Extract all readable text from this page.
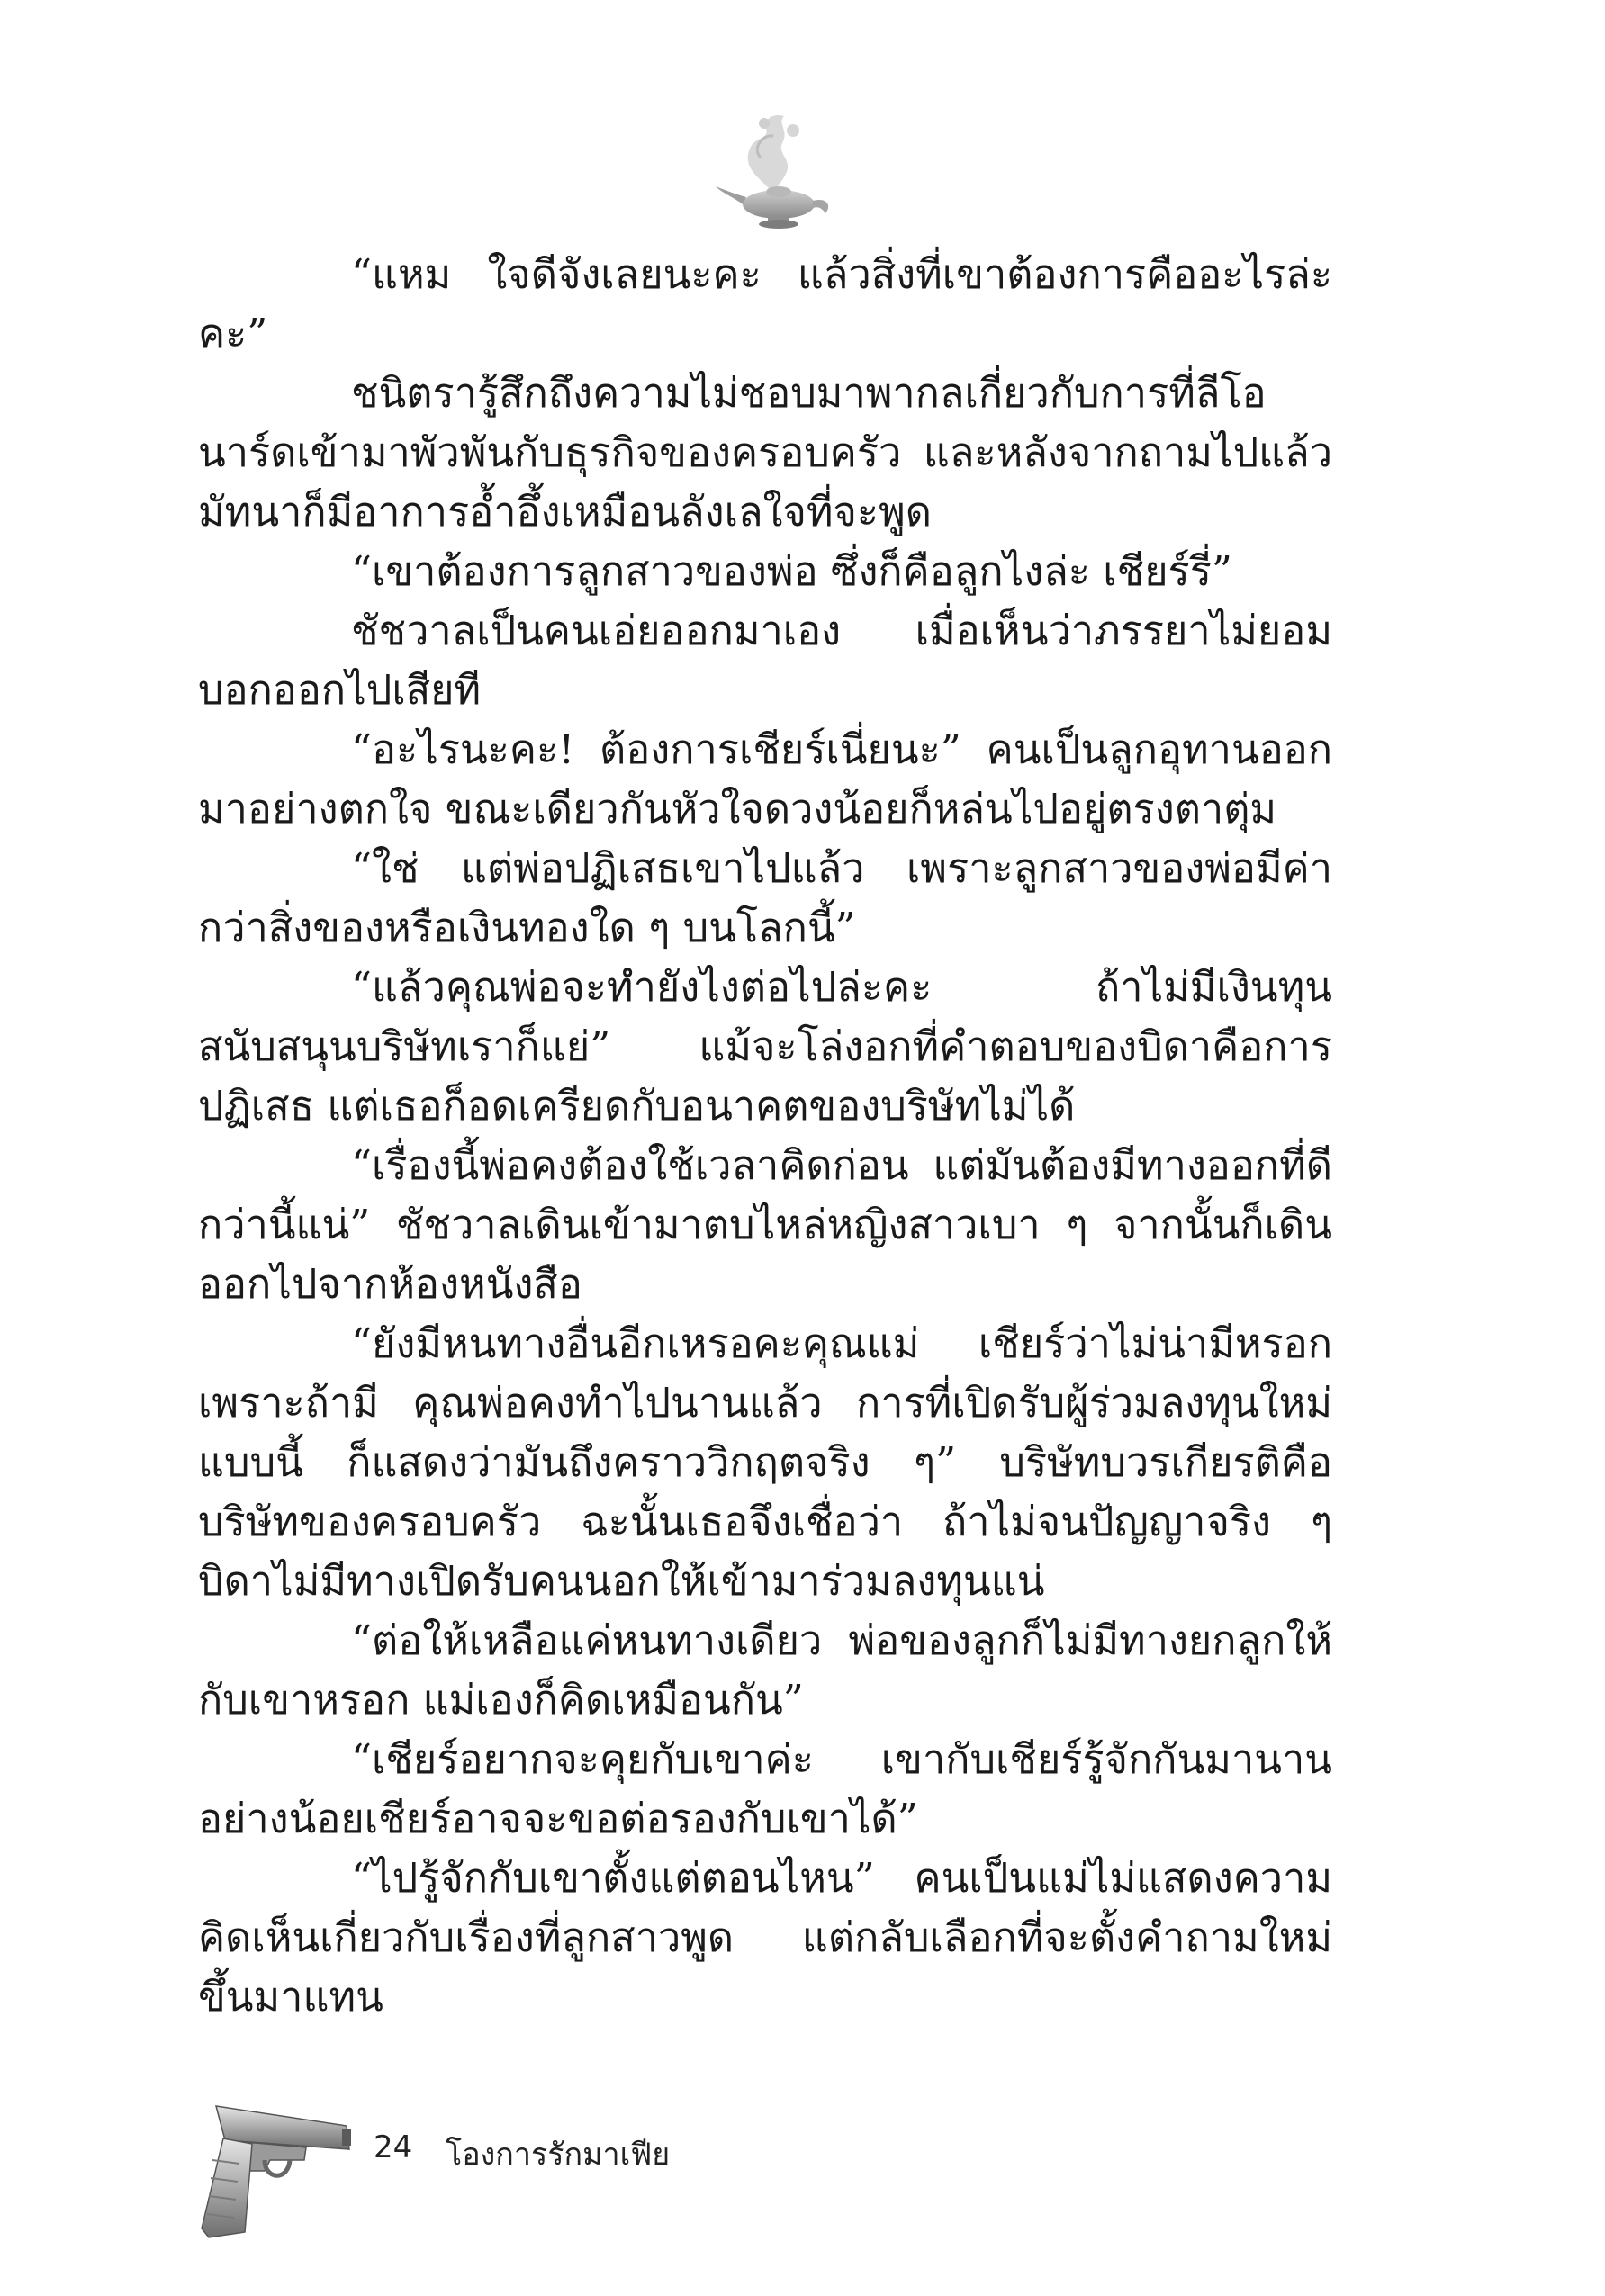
“แหม ใจดีจังเลยนะคะ แล้วสิ่งที่เขาต้องการคืออะไรล่ะคะ”

ชนิตรารู้สึกถึงความไม่ชอบมาพากลเกี่ยวกับการที่ลีโอนาร์ดเข้ามาพัวพันกับธุรกิจของครอบครัว และหลังจากถามไปแล้ว มัทนาก็มีอาการอ้ำอึ้งเหมือนลังเลใจที่จะพูด

“เขาต้องการลูกสาวของพ่อ ซึ่งก็คือลูกไงล่ะ เชียร์รี่”

ชัชวาลเป็นคนเอ่ยออกมาเอง เมื่อเห็นว่าภรรยาไม่ยอมบอกออกไปเสียที

“อะไรนะคะ! ต้องการเชียร์เนี่ยนะ” คนเป็นลูกอุทานออกมาอย่างตกใจ ขณะเดียวกันหัวใจดวงน้อยก็หล่นไปอยู่ตรงตาตุ่ม

“ใช่ แต่พ่อปฏิเสธเขาไปแล้ว เพราะลูกสาวของพ่อมีค่ากว่าสิ่งของหรือเงินทองใด ๆ บนโลกนี้”

“แล้วคุณพ่อจะทำยังไงต่อไปล่ะคะ ถ้าไม่มีเงินทุนสนับสนุนบริษัทเราก็แย่” แม้จะโล่งอกที่คำตอบของบิดาคือการปฏิเสธ แต่เธอก็อดเครียดกับอนาคตของบริษัทไม่ได้

“เรื่องนี้พ่อคงต้องใช้เวลาคิดก่อน แต่มันต้องมีทางออกที่ดีกว่านี้แน่” ชัชวาลเดินเข้ามาตบไหล่หญิงสาวเบา ๆ จากนั้นก็เดินออกไปจากห้องหนังสือ

“ยังมีหนทางอื่นอีกเหรอคะคุณแม่ เชียร์ว่าไม่น่ามีหรอก เพราะถ้ามี คุณพ่อคงทำไปนานแล้ว การที่เปิดรับผู้ร่วมลงทุนใหม่แบบนี้ ก็แสดงว่ามันถึงคราววิกฤตจริง ๆ” บริษัทบวรเกียรติคือบริษัทของครอบครัว ฉะนั้นเธอจึงเชื่อว่า ถ้าไม่จนปัญญาจริง ๆ บิดาไม่มีทางเปิดรับคนนอกให้เข้ามาร่วมลงทุนแน่

“ต่อให้เหลือแค่หนทางเดียว พ่อของลูกก็ไม่มีทางยกลูกให้กับเขาหรอก แม่เองก็คิดเหมือนกัน”

“เชียร์อยากจะคุยกับเขาค่ะ เขากับเชียร์รู้จักกันมานาน อย่างน้อยเชียร์อาจจะขอต่อรองกับเขาได้”

“ไปรู้จักกับเขาตั้งแต่ตอนไหน” คนเป็นแม่ไม่แสดงความคิดเห็นเกี่ยวกับเรื่องที่ลูกสาวพูด แต่กลับเลือกที่จะตั้งคำถามใหม่ขึ้นมาแทน

24 โองการรักมาเฟีย
